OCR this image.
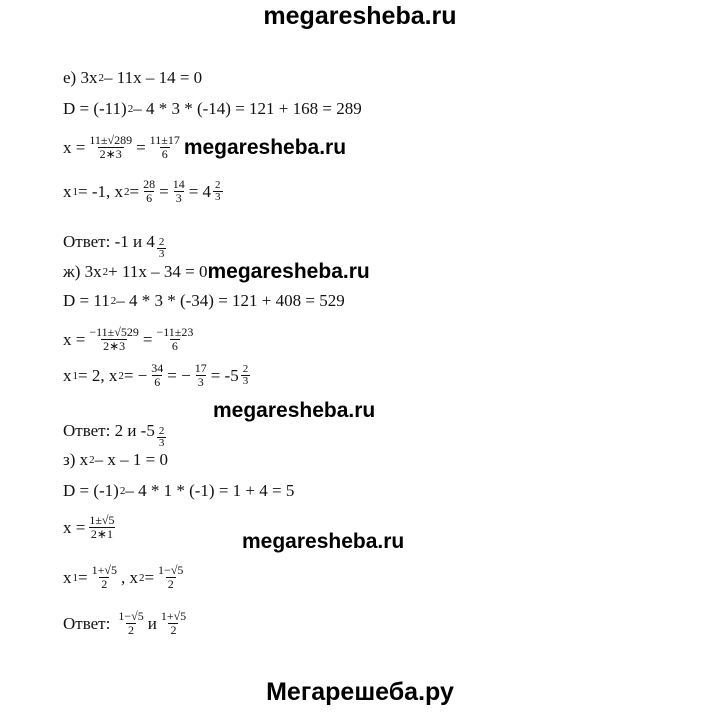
megaresheba.ru
е) 3x 2 – 11x – 14 = 0
D = (-11) 2 – 4 * 3 * (-14) = 121 + 168 = 289
$x = \frac{11\pm√289}{2∗3} = \frac{11\pm 17}{6}$ megaresheba.ru
x 1 = -1, x $2 = \frac{28}{6} = \frac{14}{3} = 4 \frac{2}{3}$
Ответ: -1 и $4 \frac{2}{3}$
ж) 3x 2 + 11x – 34 = 0 megaresheba.ru
D = 11 2 – 4 * 3 * (-34) = 121 + 408 = 529
$x = \frac{-11\pm√529}{2∗3} = \frac{-11\pm 23}{6}$
x 1 = 2, x 2 = − $\frac{34}{6}$ = − $\frac{17}{3} = -5 \frac{2}{3}$
megaresheba.ru
Ответ: 2 и $-5 \frac{2}{3}$
з) x 2 – x – 1 = 0
D = (-1) 2 – 4 * 1 * (-1) = 1 + 4 = 5
$x = \frac{1\pm√5}{2∗1}$
megaresheba.ru
x $1 = \frac{1+√5}{2}$ , x $2 = \frac{1-√5}{2}$
Ответ: $\frac{1-√5}{2}$ и $\frac{1+√5}{2}$
Мегарешеба.ру
